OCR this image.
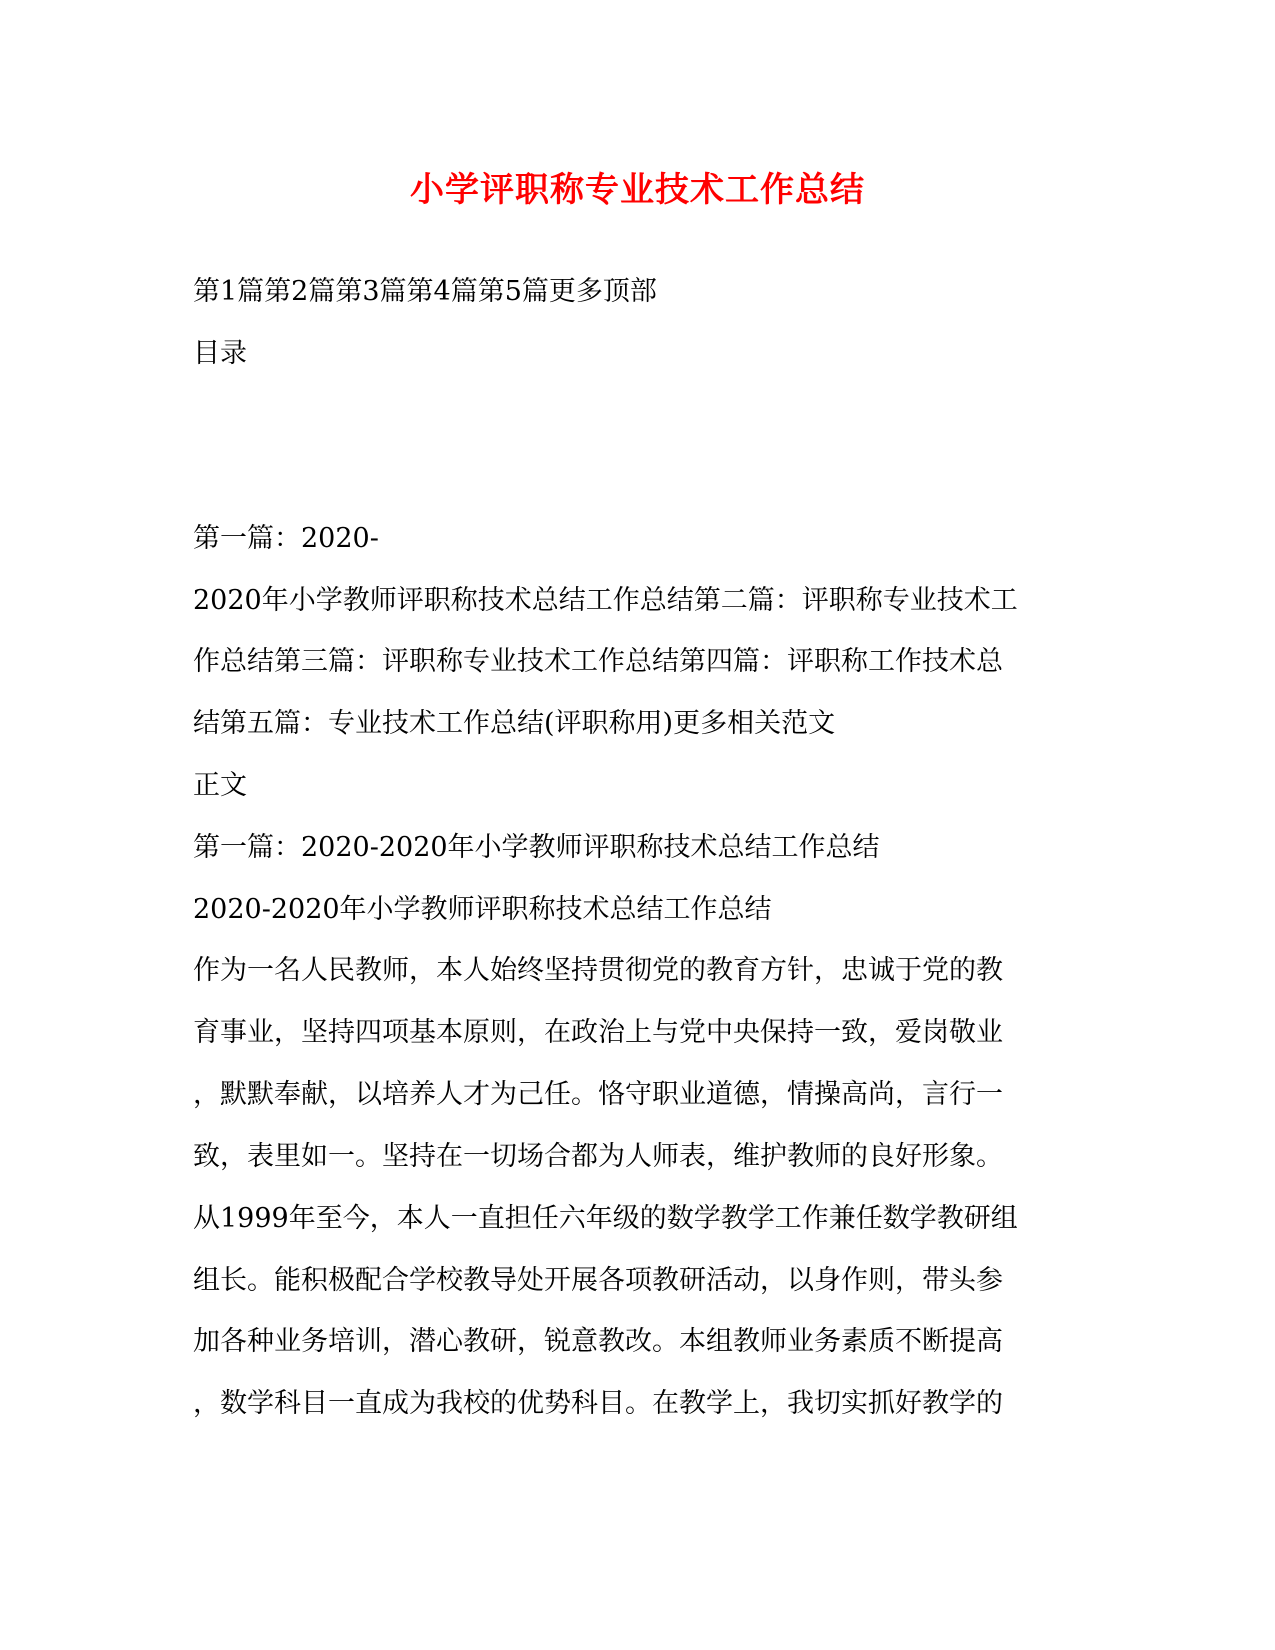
小学评职称专业技术工作总结
第1篇第2篇第3篇第4篇第5篇更多顶部
目录
第一篇：2020-
2020年小学教师评职称技术总结工作总结第二篇：评职称专业技术工
作总结第三篇：评职称专业技术工作总结第四篇：评职称工作技术总
结第五篇：专业技术工作总结(评职称用)更多相关范文
正文
第一篇：2020-2020年小学教师评职称技术总结工作总结
2020-2020年小学教师评职称技术总结工作总结
作为一名人民教师，本人始终坚持贯彻党的教育方针，忠诚于党的教
育事业，坚持四项基本原则，在政治上与党中央保持一致，爱岗敬业
，默默奉献，以培养人才为己任。恪守职业道德，情操高尚，言行一
致，表里如一。坚持在一切场合都为人师表，维护教师的良好形象。
从1999年至今，本人一直担任六年级的数学教学工作兼任数学教研组
组长。能积极配合学校教导处开展各项教研活动，以身作则，带头参
加各种业务培训，潜心教研，锐意教改。本组教师业务素质不断提高
，数学科目一直成为我校的优势科目。在教学上，我切实抓好教学的
